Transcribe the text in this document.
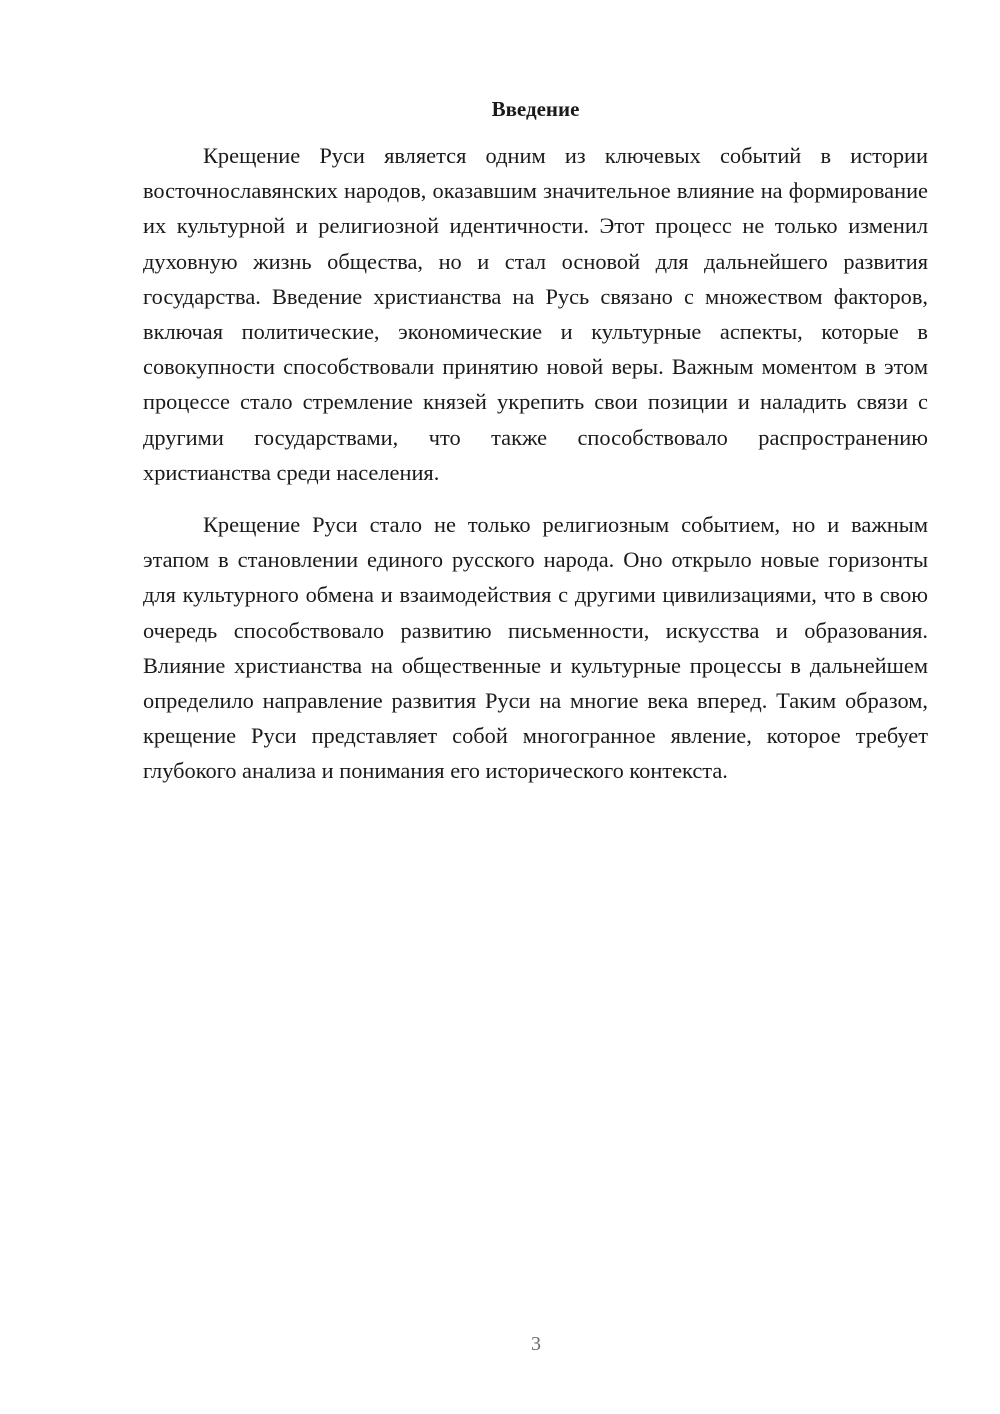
Введение

Крещение Руси является одним из ключевых событий в истории восточнославянских народов, оказавшим значительное влияние на формирование их культурной и религиозной идентичности. Этот процесс не только изменил духовную жизнь общества, но и стал основой для дальнейшего развития государства. Введение христианства на Русь связано с множеством факторов, включая политические, экономические и культурные аспекты, которые в совокупности способствовали принятию новой веры. Важным моментом в этом процессе стало стремление князей укрепить свои позиции и наладить связи с другими государствами, что также способствовало распространению христианства среди населения.

Крещение Руси стало не только религиозным событием, но и важным этапом в становлении единого русского народа. Оно открыло новые горизонты для культурного обмена и взаимодействия с другими цивилизациями, что в свою очередь способствовало развитию письменности, искусства и образования. Влияние христианства на общественные и культурные процессы в дальнейшем определило направление развития Руси на многие века вперед. Таким образом, крещение Руси представляет собой многогранное явление, которое требует глубокого анализа и понимания его исторического контекста.

3
